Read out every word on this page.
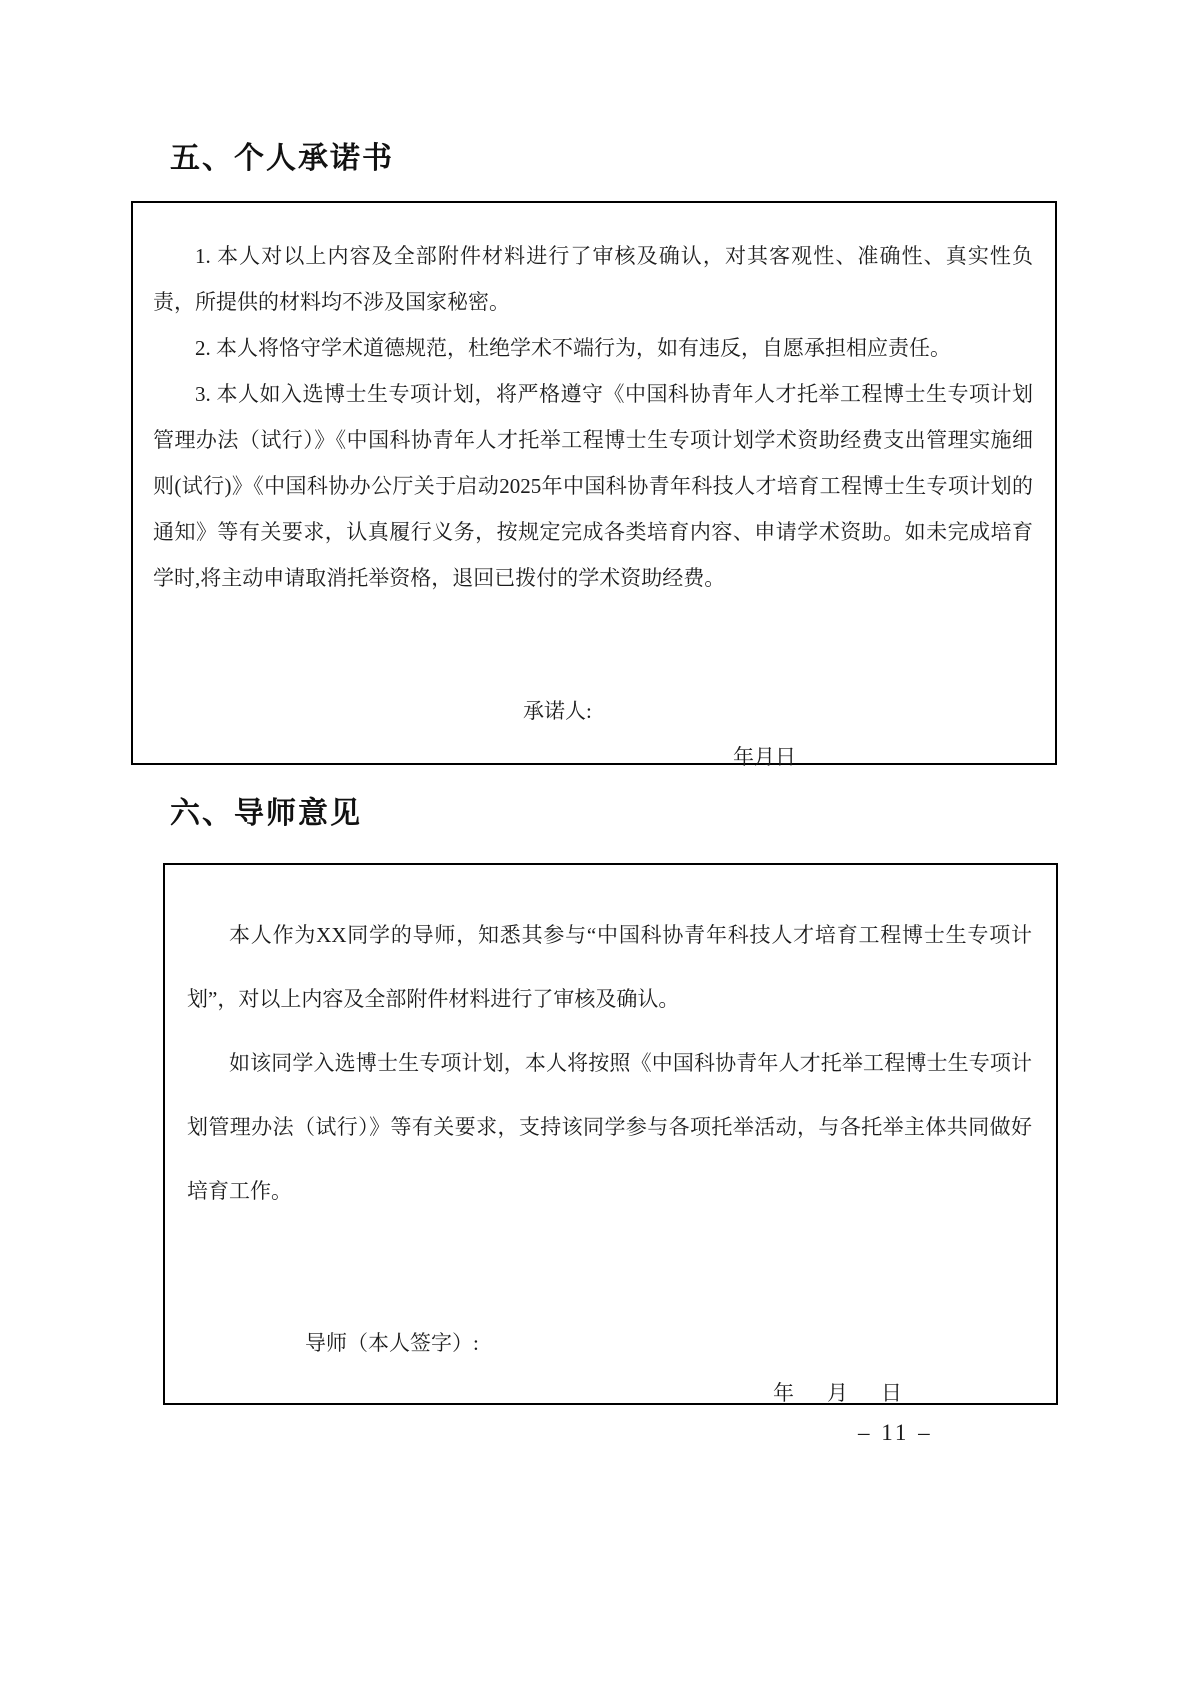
五、个人承诺书

1. 本人对以上内容及全部附件材料进行了审核及确认，对其客观性、准确性、真实性负责，所提供的材料均不涉及国家秘密。

2. 本人将恪守学术道德规范，杜绝学术不端行为，如有违反，自愿承担相应责任。

3. 本人如入选博士生专项计划，将严格遵守《中国科协青年人才托举工程博士生专项计划管理办法（试行）》《中国科协青年人才托举工程博士生专项计划学术资助经费支出管理实施细则(试行)》《中国科协办公厅关于启动2025年中国科协青年科技人才培育工程博士生专项计划的通知》等有关要求，认真履行义务，按规定完成各类培育内容、申请学术资助。如未完成培育学时,将主动申请取消托举资格，退回已拨付的学术资助经费。

承诺人:
年月日
六、导师意见

本人作为XX同学的导师，知悉其参与“中国科协青年科技人才培育工程博士生专项计划”，对以上内容及全部附件材料进行了审核及确认。

如该同学入选博士生专项计划，本人将按照《中国科协青年人才托举工程博士生专项计划管理办法（试行）》等有关要求，支持该同学参与各项托举活动，与各托举主体共同做好培育工作。

导师（本人签字）:
年　月　日
– 11 –
